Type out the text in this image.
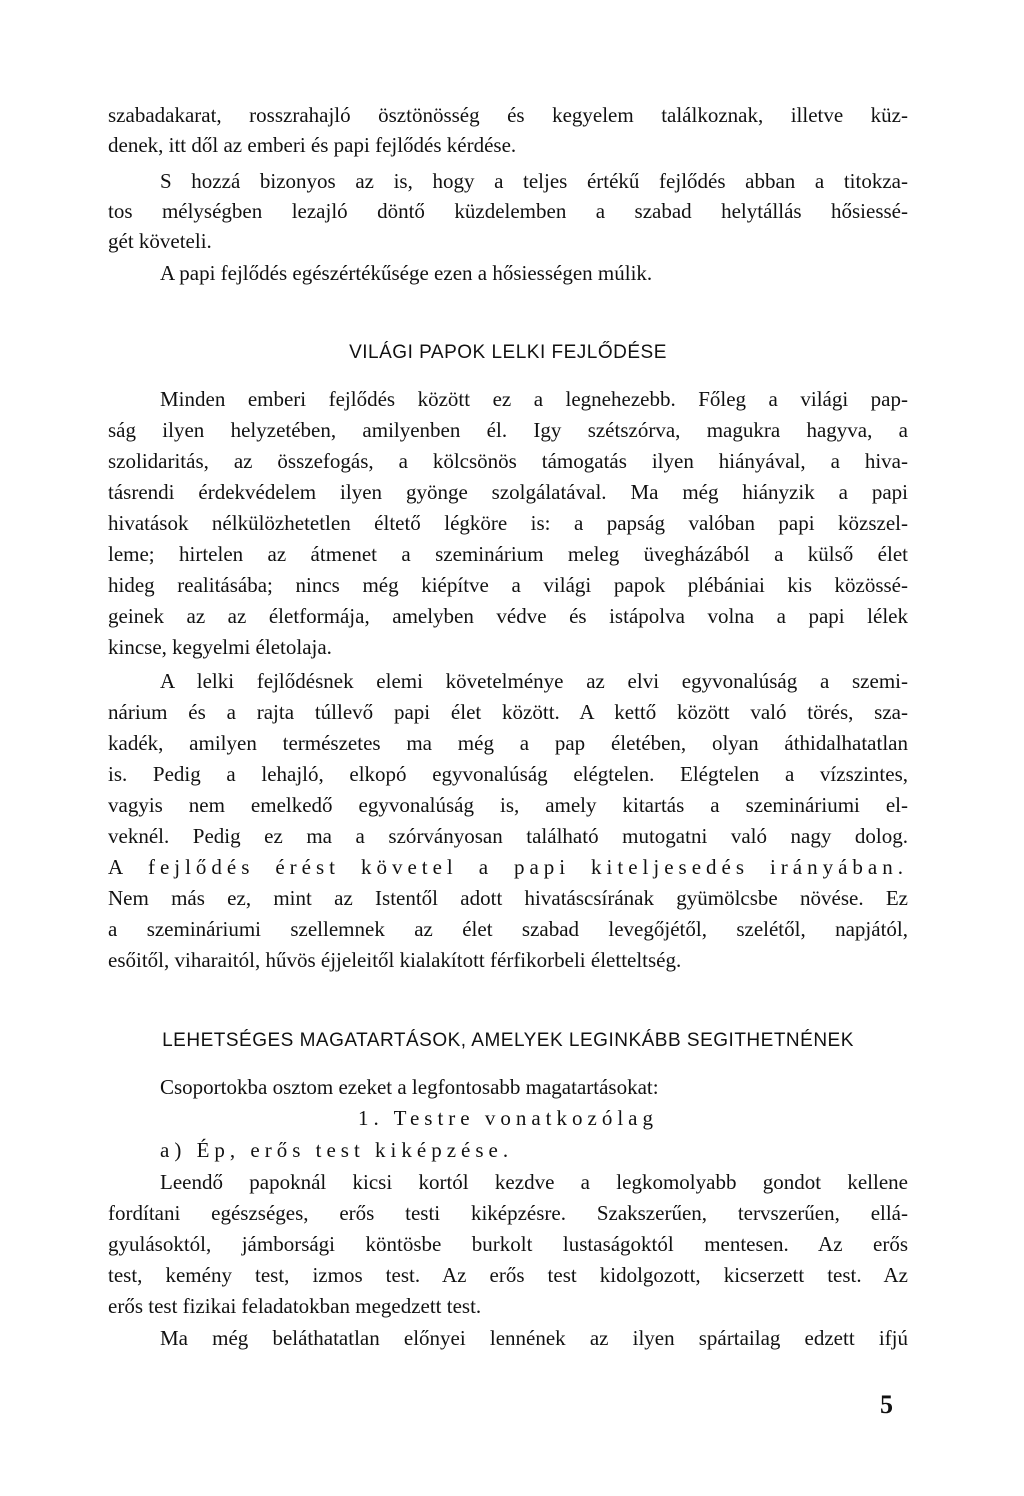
szabadakarat, rosszrahajló ösztönösség és kegyelem találkoznak, illetve küz-
denek, itt dől az emberi és papi fejlődés kérdése.
S hozzá bizonyos az is, hogy a teljes értékű fejlődés abban a titokza-
tos mélységben lezajló döntő küzdelemben a szabad helytállás hősiessé-
gét követeli.
A papi fejlődés egészértékűsége ezen a hősiességen múlik.
VILÁGI PAPOK LELKI FEJLŐDÉSE
Minden emberi fejlődés között ez a legnehezebb. Főleg a világi pap-
ság ilyen helyzetében, amilyenben él. Igy szétszórva, magukra hagyva, a
szolidaritás, az összefogás, a kölcsönös támogatás ilyen hiányával, a hiva-
tásrendi érdekvédelem ilyen gyönge szolgálatával. Ma még hiányzik a papi
hivatások nélkülözhetetlen éltető légköre is: a papság valóban papi közszel-
leme; hirtelen az átmenet a szeminárium meleg üvegházából a külső élet
hideg realitásába; nincs még kiépítve a világi papok plébániai kis közössé-
geinek az az életformája, amelyben védve és istápolva volna a papi lélek
kincse, kegyelmi életolaja.
A lelki fejlődésnek elemi követelménye az elvi egyvonalúság a szemi-
nárium és a rajta túllevő papi élet között. A kettő között való törés, sza-
kadék, amilyen természetes ma még a pap életében, olyan áthidalhatatlan
is. Pedig a lehajló, elkopó egyvonalúság elégtelen. Elégtelen a vízszintes,
vagyis nem emelkedő egyvonalúság is, amely kitartás a szemináriumi el-
veknél. Pedig ez ma a szórványosan található mutogatni való nagy dolog.
A fejlődés érést követel a papi kiteljesedés irányában.
Nem más ez, mint az Istentől adott hivatáscsírának gyümölcsbe növése. Ez
a szemináriumi szellemnek az élet szabad levegőjétől, szelétől, napjától,
esőitől, viharaitól, hűvös éjjeleitől kialakított férfikorbeli életteltség.
LEHETSÉGES MAGATARTÁSOK, AMELYEK LEGINKÁBB SEGITHETNÉNEK
Csoportokba osztom ezeket a legfontosabb magatartásokat:
1. Testre vonatkozólag
a) Ép, erős test kiképzése.
Leendő papoknál kicsi kortól kezdve a legkomolyabb gondot kellene
fordítani egészséges, erős testi kiképzésre. Szakszerűen, tervszerűen, ellá-
gyulásoktól, jámborsági köntösbe burkolt lustaságoktól mentesen. Az erős
test, kemény test, izmos test. Az erős test kidolgozott, kicserzett test. Az
erős test fizikai feladatokban megedzett test.
Ma még beláthatatlan előnyei lennének az ilyen spártailag edzett ifjú
5
